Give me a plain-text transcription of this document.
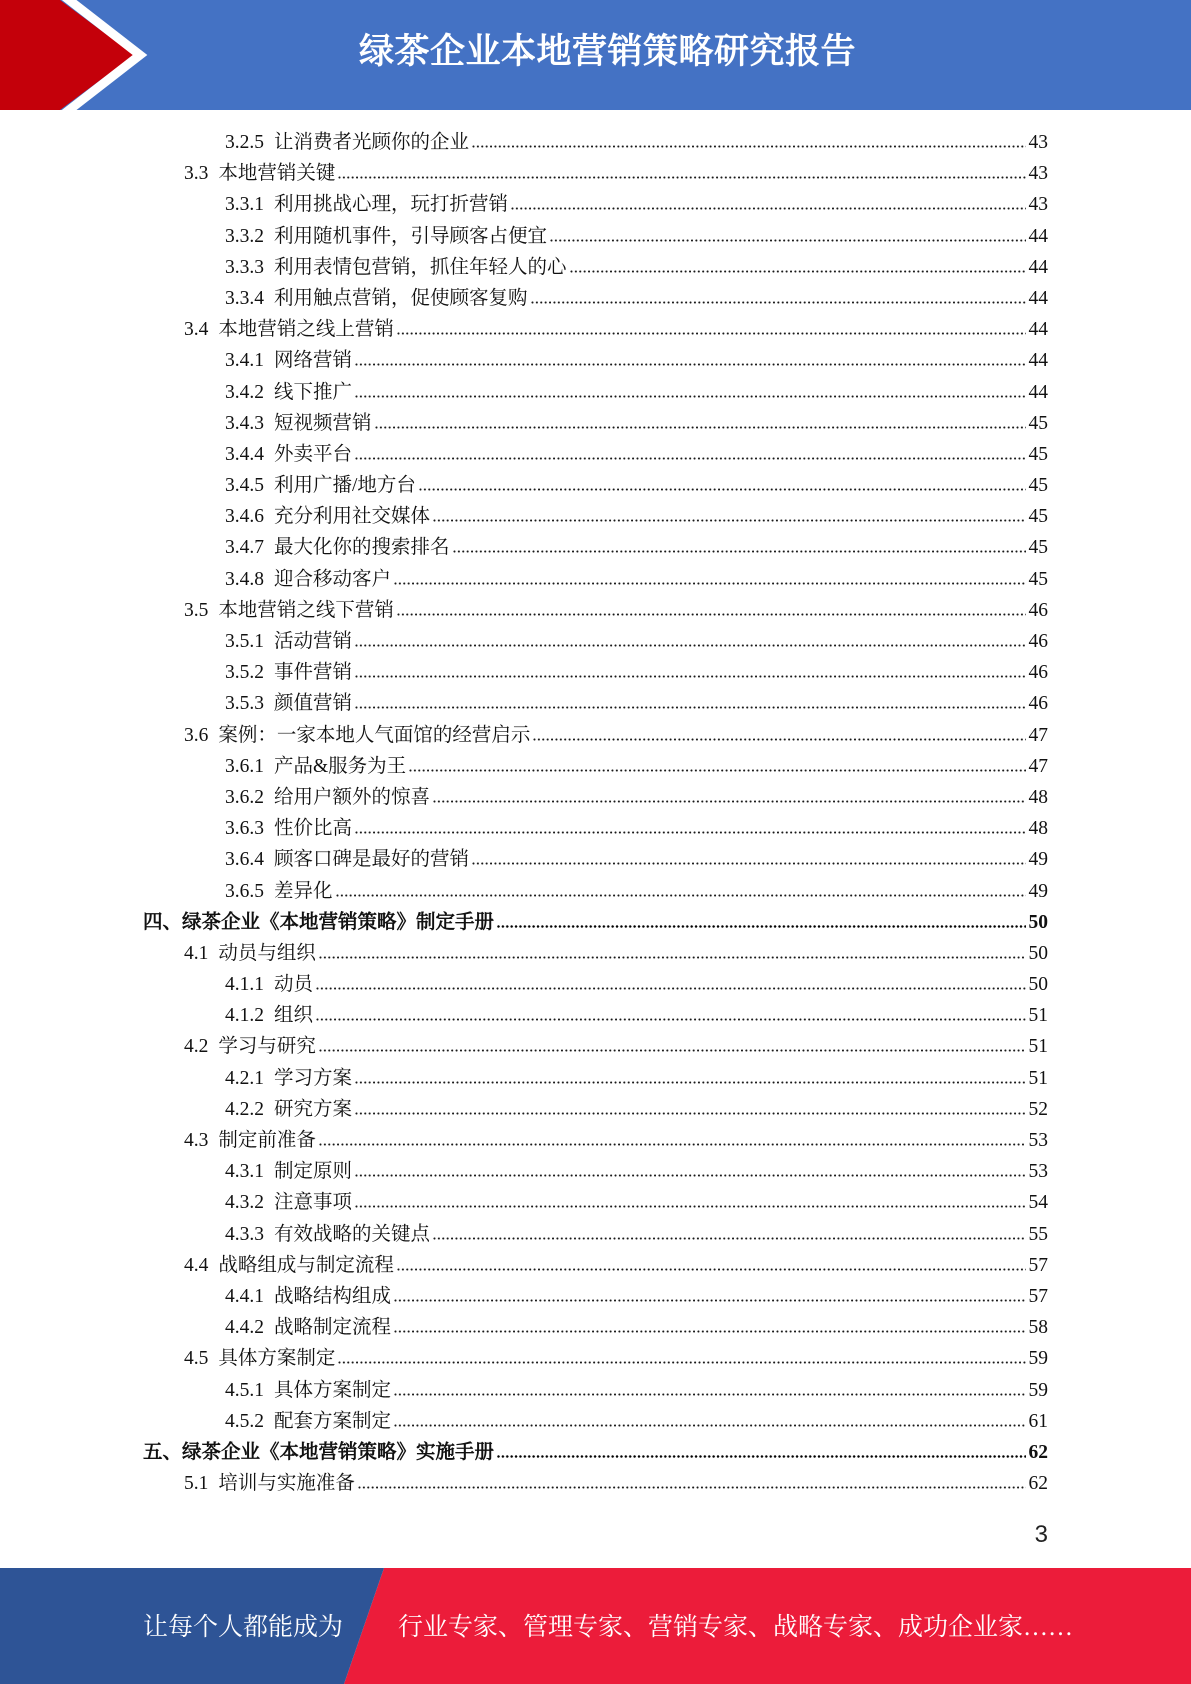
绿茶企业本地营销策略研究报告
3.2.5 让消费者光顾你的企业	43
3.3 本地营销关键	43
3.3.1 利用挑战心理，玩打折营销	43
3.3.2 利用随机事件，引导顾客占便宜	44
3.3.3 利用表情包营销，抓住年轻人的心	44
3.3.4 利用触点营销，促使顾客复购	44
3.4 本地营销之线上营销	44
3.4.1 网络营销	44
3.4.2 线下推广	44
3.4.3 短视频营销	45
3.4.4 外卖平台	45
3.4.5 利用广播/地方台	45
3.4.6 充分利用社交媒体	45
3.4.7 最大化你的搜索排名	45
3.4.8 迎合移动客户	45
3.5 本地营销之线下营销	46
3.5.1 活动营销	46
3.5.2 事件营销	46
3.5.3 颜值营销	46
3.6 案例：一家本地人气面馆的经营启示	47
3.6.1 产品&服务为王	47
3.6.2 给用户额外的惊喜	48
3.6.3 性价比高	48
3.6.4 顾客口碑是最好的营销	49
3.6.5 差异化	49
四、 绿茶企业《本地营销策略》制定手册	50
4.1 动员与组织	50
4.1.1 动员	50
4.1.2 组织	51
4.2 学习与研究	51
4.2.1 学习方案	51
4.2.2 研究方案	52
4.3 制定前准备	53
4.3.1 制定原则	53
4.3.2 注意事项	54
4.3.3 有效战略的关键点	55
4.4 战略组成与制定流程	57
4.4.1 战略结构组成	57
4.4.2 战略制定流程	58
4.5 具体方案制定	59
4.5.1 具体方案制定	59
4.5.2 配套方案制定	61
五、 绿茶企业《本地营销策略》实施手册	62
5.1 培训与实施准备	62
3
让每个人都能成为 行业专家、管理专家、营销专家、战略专家、成功企业家……
